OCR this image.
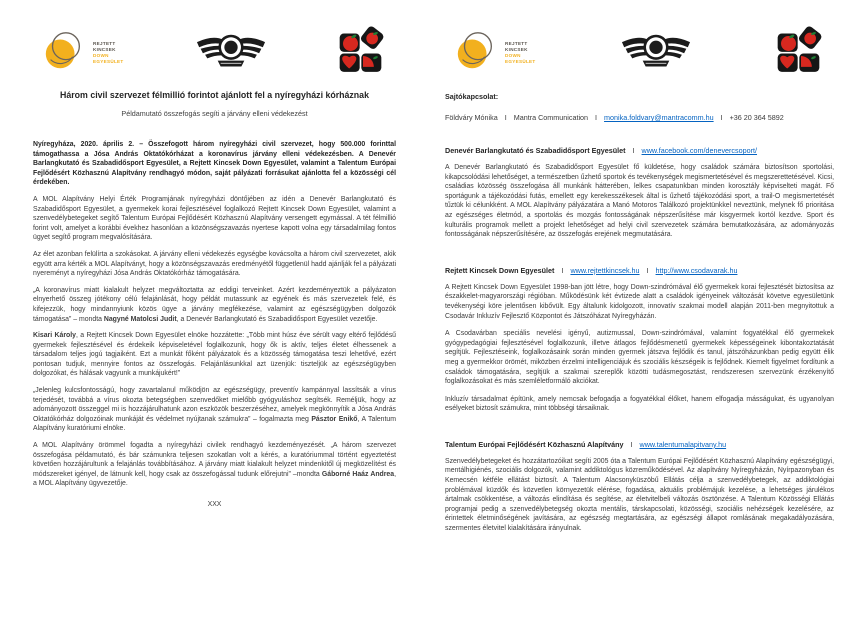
REJTETT
KINCSEK
DOWN
EGYESÜLET
Három civil szervezet félmillió forintot ajánlott fel a nyíregyházi kórháznak
Példamutató összefogás segíti a járvány elleni védekezést

Nyíregyháza, 2020. április 2. – Összefogott három nyíregyházi civil szervezet, hogy 500.000 forinttal támogathassa a Jósa András Oktatókórházat a koronavírus járvány elleni védekezésben. A Denevér Barlangkutató és Szabadidősport Egyesület, a Rejtett Kincsek Down Egyesület, valamint a Talentum Európai Fejlődésért Közhasznú Alapítvány rendhagyó módon, saját pályázati forrásukat ajánlotta fel a közösségi cél érdekében.

A MOL Alapítvány Helyi Érték Programjának nyíregyházi döntőjében az idén a Denevér Barlangkutató és Szabadidősport Egyesület, a gyermekek korai fejlesztésével foglalkozó Rejtett Kincsek Down Egyesület, valamint a szenvedélybetegeket segítő Talentum Európai Fejlődésért Közhasznú Alapítvány versengett egymással. A tét félmillió forint volt, amelyet a korábbi évekhez hasonlóan a közönségszavazás nyertese kapott volna egy társadalmilag fontos ügyet segítő program megvalósítására.

Az élet azonban felülírta a szokásokat. A járvány elleni védekezés egységbe kovácsolta a három civil szervezetet, akik együtt arra kérték a MOL Alapítványt, hogy a közönségszavazás eredményétől függetlenül hadd ajánlják fel a pályázati nyereményt a nyíregyházi Jósa András Oktatókórház támogatására.

„A koronavírus miatt kialakult helyzet megváltoztatta az eddigi terveinket. Azért kezdeményeztük a pályázaton elnyerhető összeg jótékony célú felajánlását, hogy példát mutassunk az egyének és más szervezetek felé, és kifejezzük, hogy mindannyiunk közös ügye a járvány megfékezése, valamint az egészségügyben dolgozók támogatása” – mondta Nagyné Matolcsi Judit, a Denevér Barlangkutató és Szabadidősport Egyesület vezetője.

Kisari Károly, a Rejtett Kincsek Down Egyesület elnöke hozzátette: „Több mint húsz éve sérült vagy eltérő fejlődésű gyermekek fejlesztésével és érdekeik képviseletével foglalkozunk, hogy ők is aktív, teljes életet élhessenek a társadalom teljes jogú tagjaiként. Ezt a munkát főként pályázatok és a közösség támogatása teszi lehetővé, ezért pontosan tudjuk, mennyire fontos az összefogás. Felajánlásunkkal azt üzenjük: tiszteljük az egészségügyben dolgozókat, és hálásak vagyunk a munkájukért!”

„Jelenleg kulcsfontosságú, hogy zavartalanul működjön az egészségügy, preventív kampánnyal lassítsák a vírus terjedését, továbbá a vírus okozta betegségben szenvedőket mielőbb gyógyuláshoz segítsék. Reméljük, hogy az adományozott összeggel mi is hozzájárulhatunk azon eszközök beszerzéséhez, amelyek megkönnyítik a Jósa András Oktatókórház dolgozóinak munkáját és védelmet nyújtanak számukra” – fogalmazta meg Pásztor Enikő, A Talentum Alapítvány kuratóriumi elnöke.

A MOL Alapítvány örömmel fogadta a nyíregyházi civilek rendhagyó kezdeményezését. „A három szervezet összefogása példamutató, és bár számunkra teljesen szokatlan volt a kérés, a kuratóriummal történt egyeztetést követően hozzájárultunk a felajánlás továbbításához. A járvány miatt kialakult helyzet mindenkitől új megközelítést és módszereket igényel, de látnunk kell, hogy csak az összefogással tudunk előrejutni” –mondta Gáborné Haáz Andrea, a MOL Alapítvány ügyvezetője.

XXX
REJTETT
KINCSEK
DOWN
EGYESÜLET

Sajtókapcsolat:

Földváry Mónika I Mantra Communication I monika.foldvary@mantracomm.hu I +36 20 364 5892

Denevér Barlangkutató és Szabadidősport Egyesület I www.facebook.com/denevercsoport/

A Denevér Barlangkutató és Szabadidősport Egyesület fő küldetése, hogy családok számára biztosítson sportolási, kikapcsolódási lehetőséget, a természetben űzhető sportok és tevékenységek megismertetésével és megszerettetésével. Kicsi, családias közösség összefogása áll munkánk hátterében, lelkes csapatunkban minden korosztály képviselteti magát. Fő sportágunk a tájékozódási futás, emellett egy kerekesszékesek által is űzhető tájékozódási sport, a trail-O megismertetését tűztük ki célunkként. A MOL Alapítvány pályázatára a Manó Motoros Találkozó projektünkkel neveztünk, melynek fő prioritása az egészséges életmód, a sportolás és mozgás fontosságának népszerűsítése már kisgyermek kortól kezdve. Sport és kulturális programok mellett a projekt lehetőséget ad helyi civil szervezetek számára bemutatkozására, az adományozás fontosságának népszerűsítésére, az összefogás erejének megmutatására.

Rejtett Kincsek Down Egyesület I www.rejtettkincsek.hu I http://www.csodavarak.hu

A Rejtett Kincsek Down Egyesület 1998-ban jött létre, hogy Down-szindrómával élő gyermekek korai fejlesztését biztosítsa az északkelet-magyarországi régióban. Működésünk két évtizede alatt a családok igényeinek változását követve egyesületünk tevékenységi köre jelentősen kibővült. Egy általunk kidolgozott, innovatív szakmai modell alapján 2011-ben megnyitottuk a Csodavár Inkluzív Fejlesztő Központot és Játszóházat Nyíregyházán.

A Csodavárban speciális nevelési igényű, autizmussal, Down-szindrómával, valamint fogyatékkal élő gyermekek gyógypedagógiai fejlesztésével foglalkozunk, illetve átlagos fejlődésmenetű gyermekek képességeinek kibontakoztatását segítjük. Fejlesztéseink, foglalkozásaink során minden gyermek játszva fejlődik és tanul, játszóházunkban pedig együtt élik meg a gyermekkor örömét, miközben érzelmi intelligenciájuk és szociális készségeik is fejlődnek. Kiemelt figyelmet fordítunk a családok támogatására, segítjük a szakmai szereplők közötti tudásmegosztást, rendszeresen szervezünk érzékenyítő foglalkozásokat és más szemléletformáló akciókat.

Inkluzív társadalmat építünk, amely nemcsak befogadja a fogyatékkal élőket, hanem elfogadja másságukat, és ugyanolyan esélyeket biztosít számukra, mint többségi társaiknak.

Talentum Európai Fejlődésért Közhasznú Alapítvány I www.talentumalapitvany.hu

Szenvedélybetegeket és hozzátartozóikat segíti 2005 óta a Talentum Európai Fejlődésért Közhasznú Alapítvány egészségügyi, mentálhigiénés, szociális dolgozók, valamint addiktológus közreműködésével. Az alapítvány Nyíregyházán, Nyírpazonyban és Kemecsén kétféle ellátást biztosít. A Talentum Alacsonyküszöbű Ellátás célja a szenvedélybetegek, az addiktológiai problémával küzdők és közvetlen környezetük elérése, fogadása, aktuális problémájuk kezelése, a lehetséges járulékos ártalmak csökkentése, a változás elindítása és segítése, az életvitelbeli változás ösztönzése. A Talentum Közösségi Ellátás programjai pedig a szenvedélybetegség okozta mentális, társkapcsolati, közösségi, szociális nehézségek kezelésére, az érintettek életminőségének javítására, az egészség megtartására, az egészségi állapot romlásának megakadályozására, szermentes életvitel kialakítására irányulnak.
